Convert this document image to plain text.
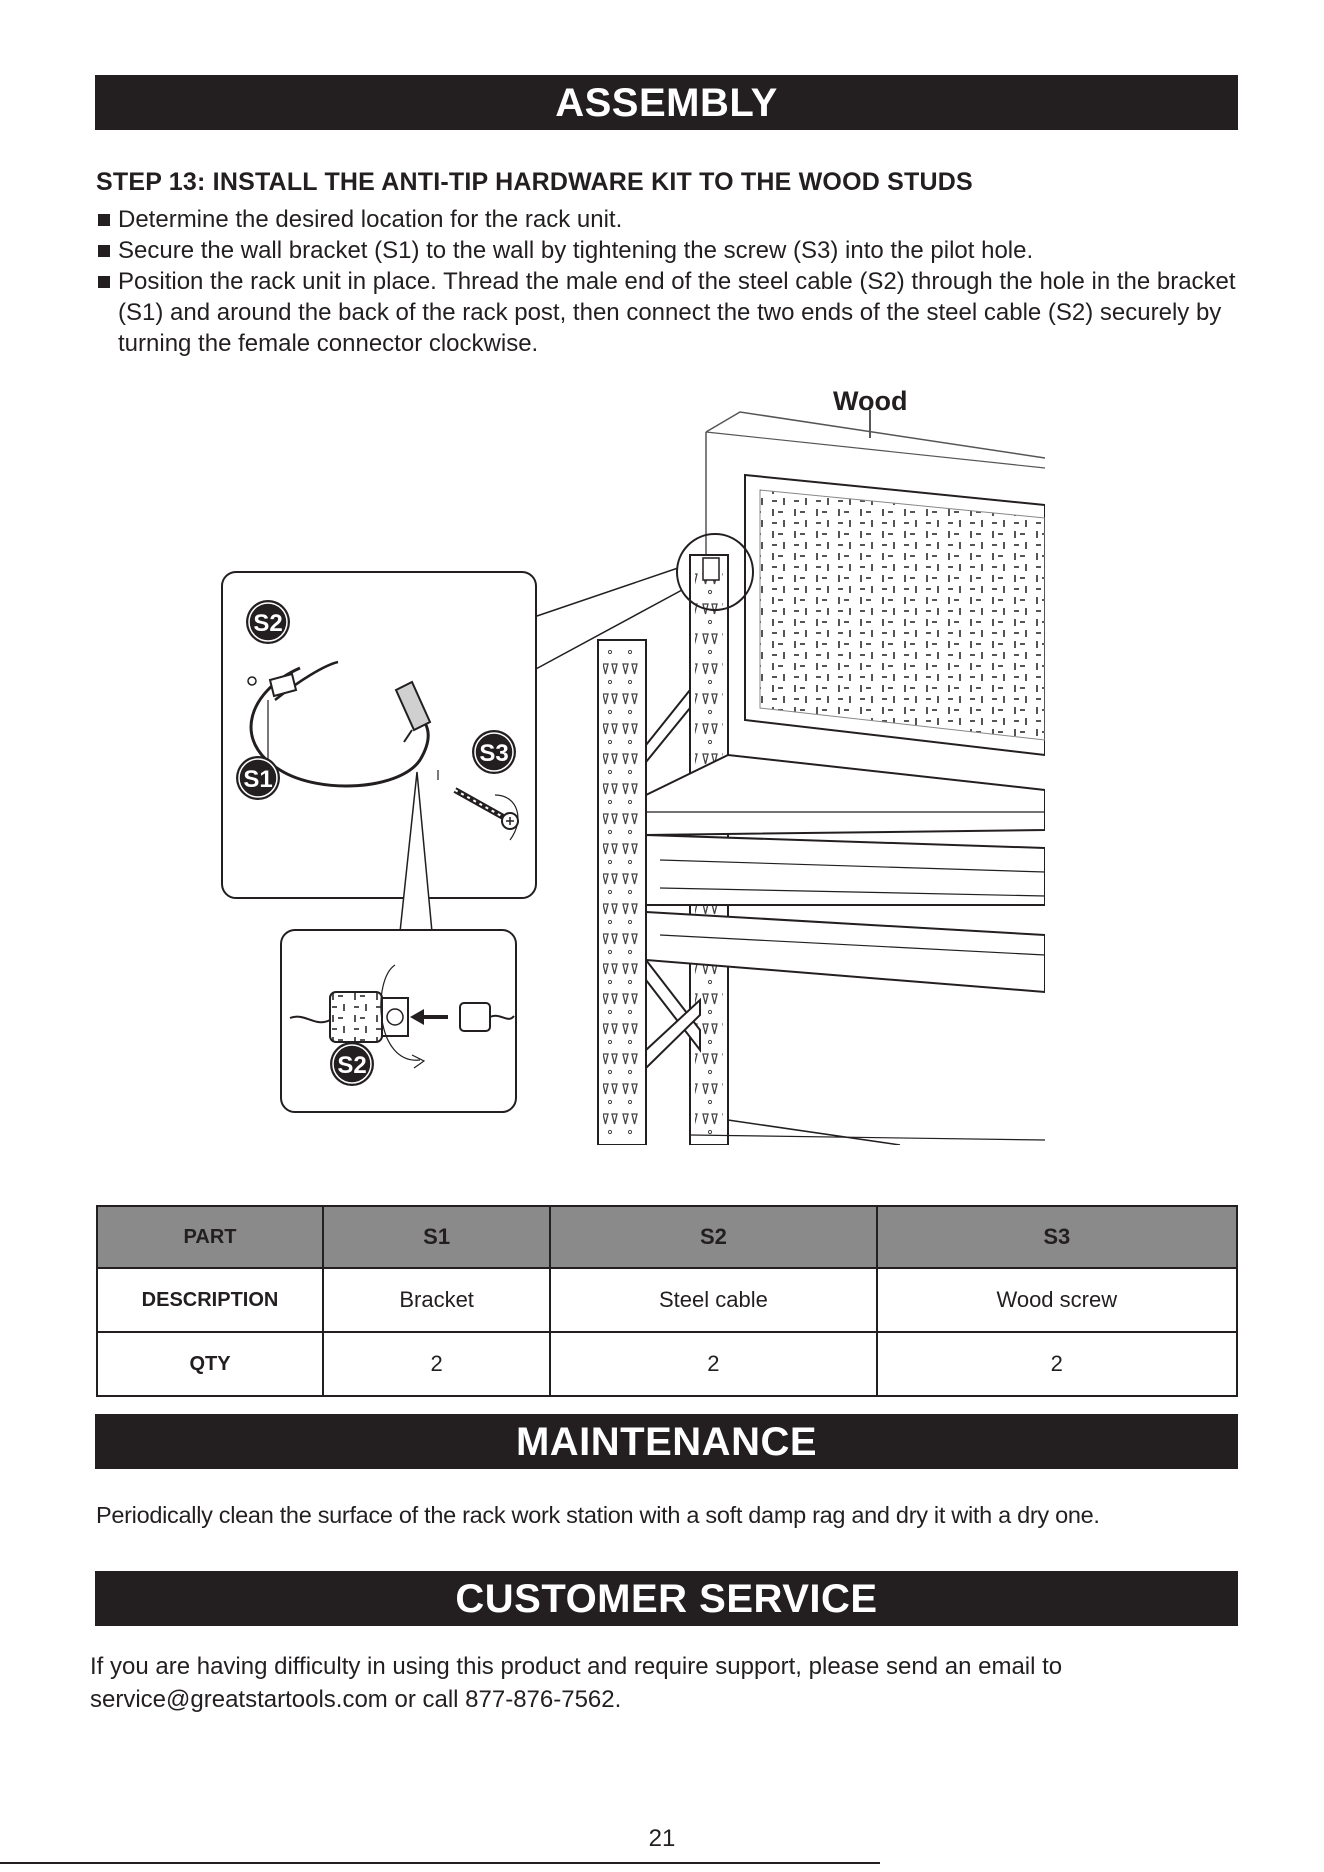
ASSEMBLY
STEP 13: INSTALL THE ANTI-TIP HARDWARE KIT TO THE WOOD STUDS
Determine the desired location for the rack unit.
Secure the wall bracket (S1) to the wall by tightening the screw (S3) into the pilot hole.
Position the rack unit in place. Thread the male end of the steel cable (S2) through the hole in the bracket (S1) and around the back of the rack post, then connect the two ends of the steel cable (S2) securely by turning the female connector clockwise.
Wood
S2
S1
S3
S2
PART	S1	S2	S3
DESCRIPTION	Bracket	Steel cable	Wood screw
QTY	2	2	2
MAINTENANCE
Periodically clean the surface of the rack work station with a soft damp rag and dry it with a dry one.
CUSTOMER SERVICE
If you are having difficulty in using this product and require support, please send an email to service@greatstartools.com or call 877-876-7562.
21
